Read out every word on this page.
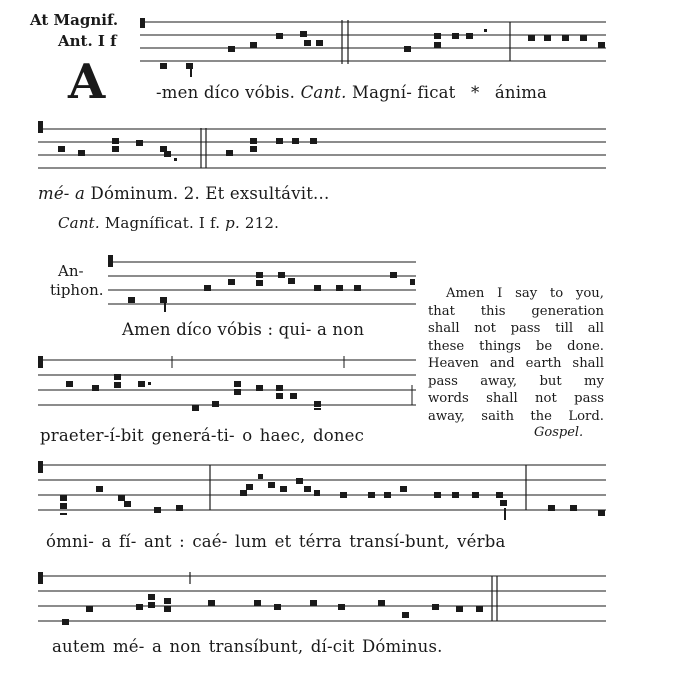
At Magnif.
Ant. I f
A	-men díco vóbis. Cant. Magní- ficat * ánima
mé- a Dóminum. 2. Et exsultávit...
Cant. Magníficat. I f. p. 212.
An-
tiphon.
Amen díco vóbis : qui- a non
praeter-í-bit generá-ti- o haec, donec
Amen I say to you,
that this generation
shall not pass till all
these things be done.
Heaven and earth shall
pass away, but my
words shall not pass
away, saith the Lord.
Gospel.
ómni- a fí- ant : caé- lum et térra transí-bunt, vérba
autem mé- a non transíbunt, dí-cit Dóminus.
